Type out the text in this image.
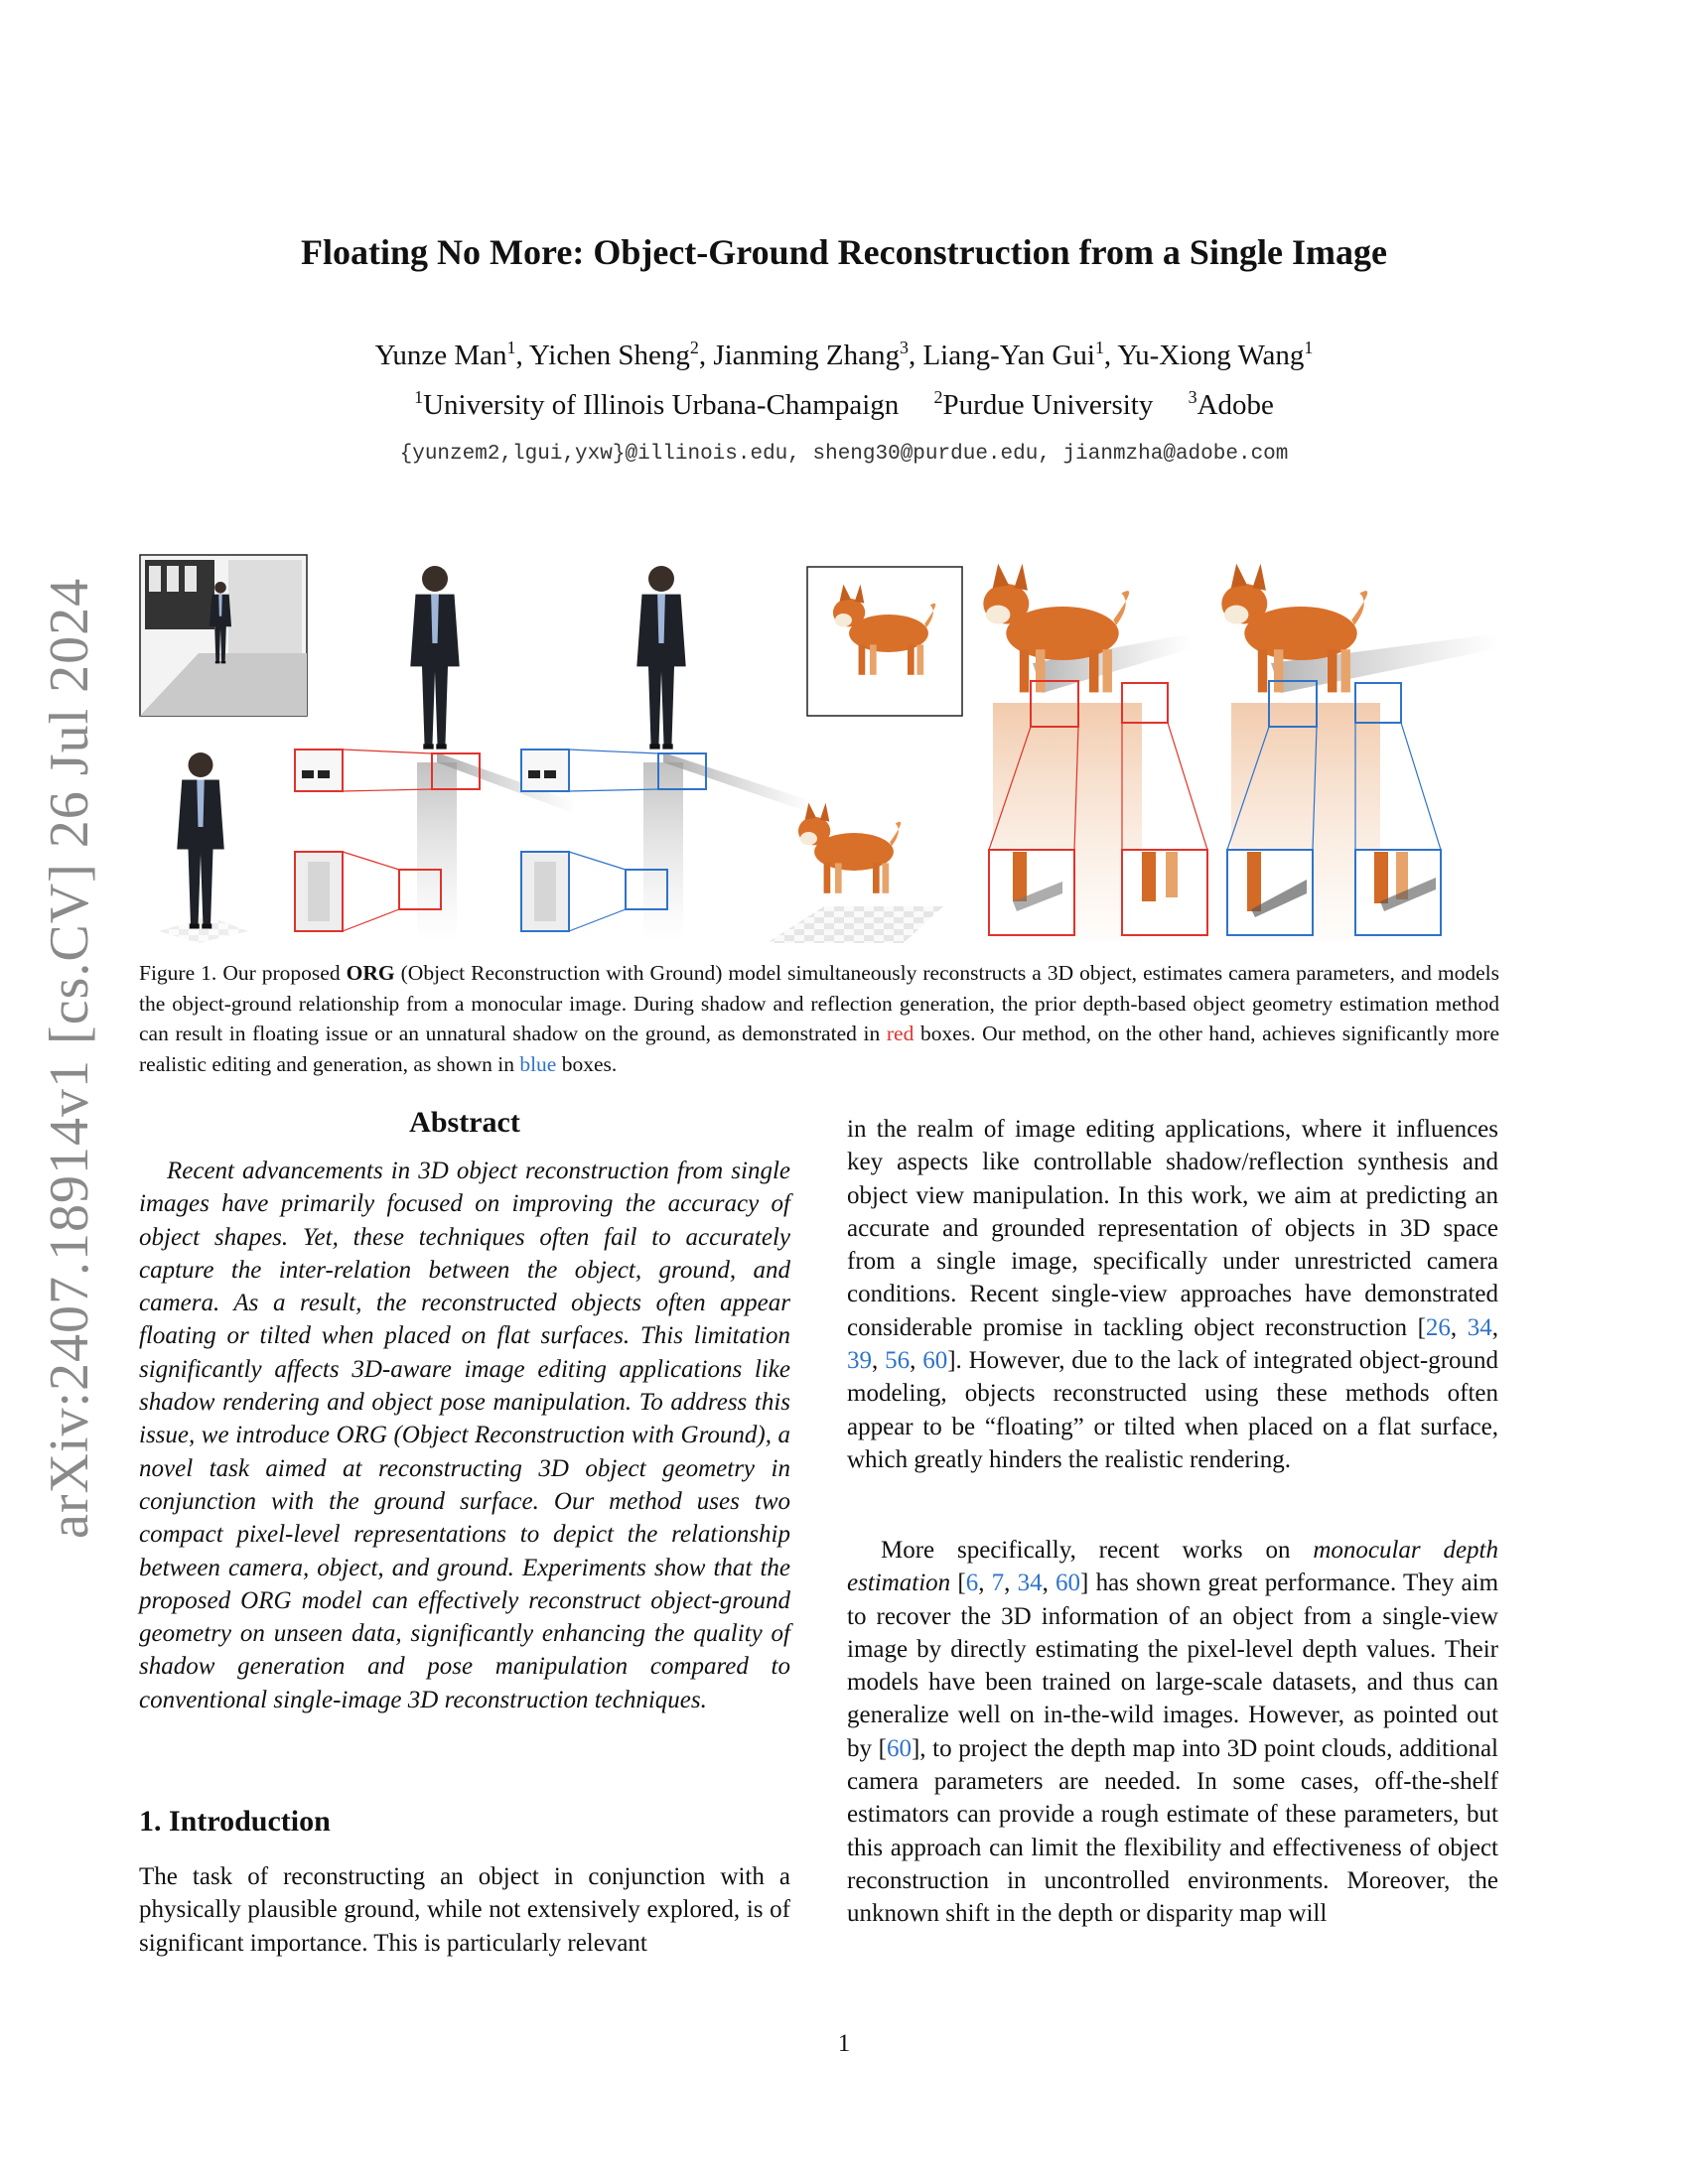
arXiv:2407.18914v1 [cs.CV] 26 Jul 2024
Floating No More: Object-Ground Reconstruction from a Single Image
Yunze Man$^1$, Yichen Sheng$^2$, Jianming Zhang$^3$, Liang-Yan Gui$^1$, Yu-Xiong Wang$^1$
$^1$University of Illinois Urbana-Champaign $^2$Purdue University $^3$Adobe
{yunzem2,lgui,yxw}@illinois.edu, sheng30@purdue.edu, jianmzha@adobe.com
Figure 1. Our proposed ORG (Object Reconstruction with Ground) model simultaneously reconstructs a 3D object, estimates camera parameters, and models the object-ground relationship from a monocular image. During shadow and reflection generation, the prior depth-based object geometry estimation method can result in floating issue or an unnatural shadow on the ground, as demonstrated in red boxes. Our method, on the other hand, achieves significantly more realistic editing and generation, as shown in blue boxes.
Abstract

Recent advancements in 3D object reconstruction from single images have primarily focused on improving the accuracy of object shapes. Yet, these techniques often fail to accurately capture the inter-relation between the object, ground, and camera. As a result, the reconstructed objects often appear floating or tilted when placed on flat surfaces. This limitation significantly affects 3D-aware image editing applications like shadow rendering and object pose manipulation. To address this issue, we introduce ORG (Object Reconstruction with Ground), a novel task aimed at reconstructing 3D object geometry in conjunction with the ground surface. Our method uses two compact pixel-level representations to depict the relationship between camera, object, and ground. Experiments show that the proposed ORG model can effectively reconstruct object-ground geometry on unseen data, significantly enhancing the quality of shadow generation and pose manipulation compared to conventional single-image 3D reconstruction techniques.

1. Introduction

The task of reconstructing an object in conjunction with a physically plausible ground, while not extensively explored, is of significant importance. This is particularly relevant

in the realm of image editing applications, where it influences key aspects like controllable shadow/reflection synthesis and object view manipulation. In this work, we aim at predicting an accurate and grounded representation of objects in 3D space from a single image, specifically under unrestricted camera conditions. Recent single-view approaches have demonstrated considerable promise in tackling object reconstruction [26, 34, 39, 56, 60]. However, due to the lack of integrated object-ground modeling, objects reconstructed using these methods often appear to be “floating” or tilted when placed on a flat surface, which greatly hinders the realistic rendering.

More specifically, recent works on monocular depth estimation [6, 7, 34, 60] has shown great performance. They aim to recover the 3D information of an object from a single-view image by directly estimating the pixel-level depth values. Their models have been trained on large-scale datasets, and thus can generalize well on in-the-wild images. However, as pointed out by [60], to project the depth map into 3D point clouds, additional camera parameters are needed. In some cases, off-the-shelf estimators can provide a rough estimate of these parameters, but this approach can limit the flexibility and effectiveness of object reconstruction in uncontrolled environments. Moreover, the unknown shift in the depth or disparity map will

1
